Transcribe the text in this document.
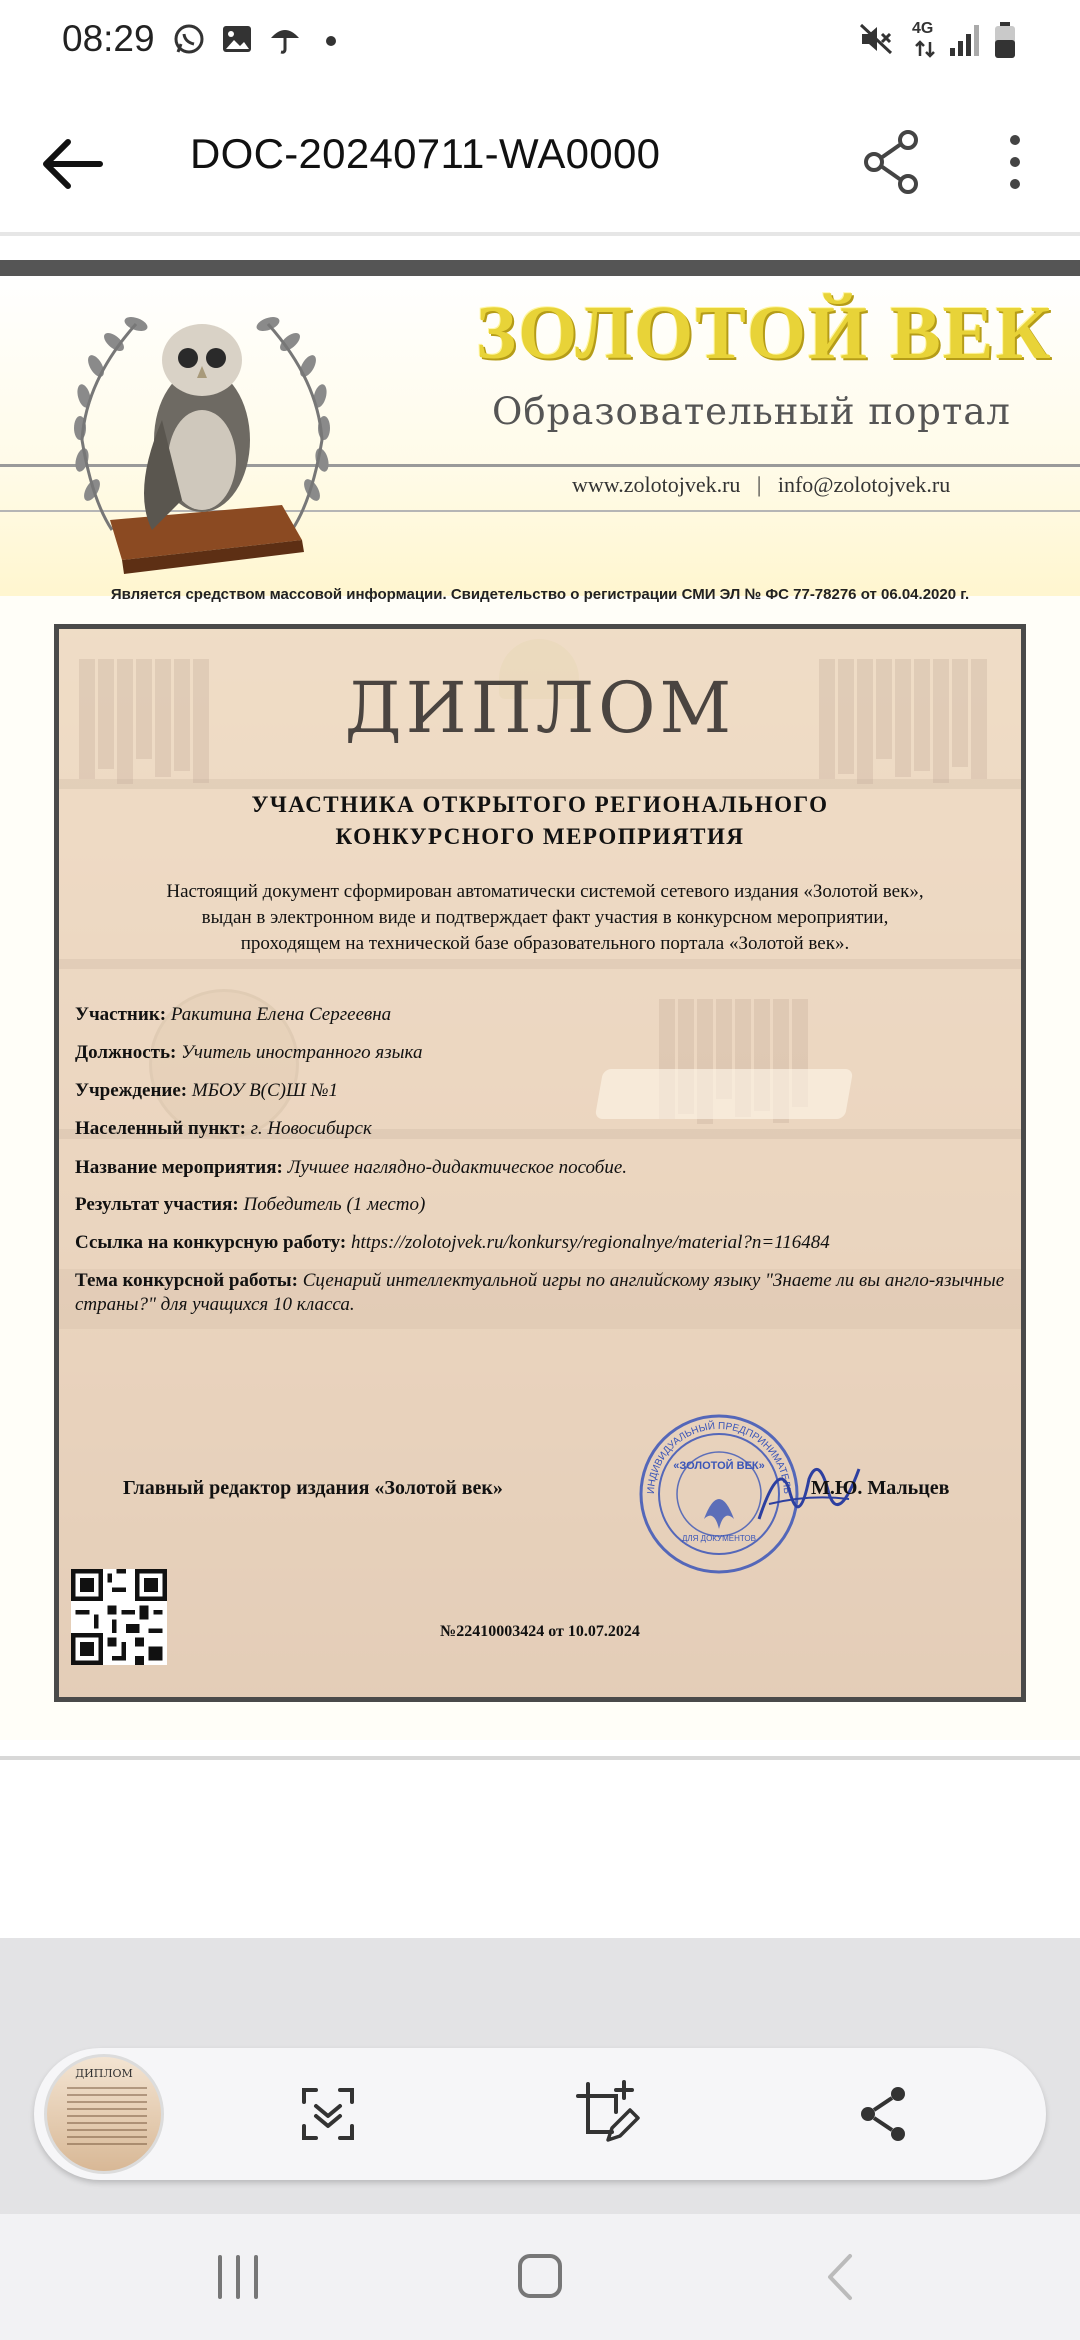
08:29	4G
DOC-20240711-WA0000
ЗОЛОТОЙ ВЕК
Образовательный портал
www.zolotojvek.ru   |   info@zolotojvek.ru
Является средством массовой информации. Свидетельство о регистрации СМИ ЭЛ № ФС 77-78276 от 06.04.2020 г.
ДИПЛОМ
УЧАСТНИКА ОТКРЫТОГО РЕГИОНАЛЬНОГО
КОНКУРСНОГО МЕРОПРИЯТИЯ
Настоящий документ сформирован автоматически системой сетевого издания «Золотой век»,
выдан в электронном виде и подтверждает факт участия в конкурсном мероприятии,
проходящем на технической базе образовательного портала «Золотой век».
Участник: Ракитина Елена Сергеевна
Должность: Учитель иностранного языка
Учреждение: МБОУ В(С)Ш №1
Населенный пункт: г. Новосибирск
Название мероприятия: Лучшее наглядно-дидактическое пособие.
Результат участия: Победитель (1 место)
Ссылка на конкурсную работу: https://zolotojvek.ru/konkursy/regionalnye/material?n=116484
Тема конкурсной работы: Сценарий интеллектуальной игры по английскому языку "Знаете ли вы англо-язычные страны?" для учащихся 10 класса.
ИНДИВИДУАЛЬНЫЙ ПРЕДПРИНИМАТЕЛЬ
«ЗОЛОТОЙ ВЕК»
ДЛЯ ДОКУМЕНТОВ
Главный редактор издания «Золотой век»	М.Ю. Мальцев
№22410003424 от 10.07.2024
ДИПЛОМ
